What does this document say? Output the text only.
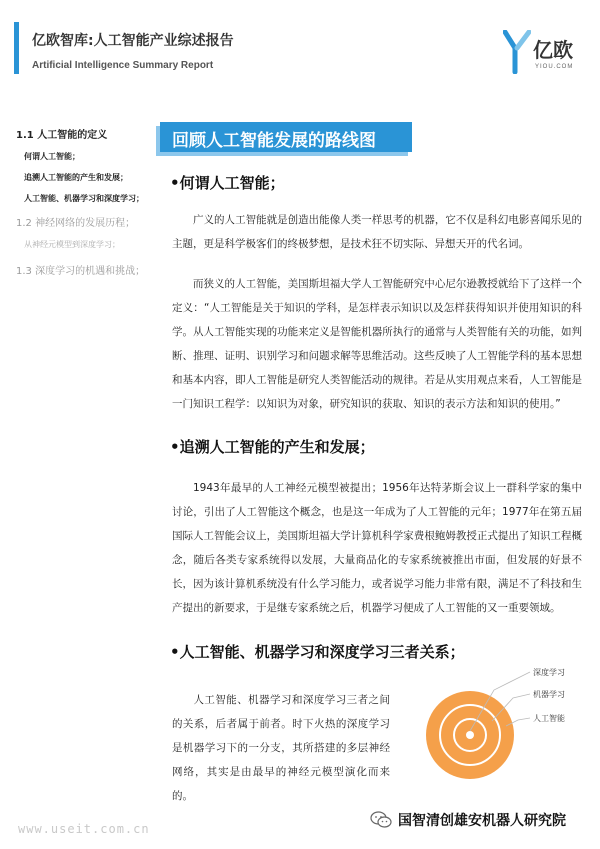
亿欧智库:人工智能产业综述报告
Artificial Intelligence Summary Report
亿欧
YIOU.COM
1.1 人工智能的定义
何谓人工智能；
追溯人工智能的产生和发展；
人工智能、机器学习和深度学习；
1.2 神经网络的发展历程；
从神经元模型到深度学习；
1.3 深度学习的机遇和挑战；
回顾人工智能发展的路线图
•何谓人工智能；
广义的人工智能就是创造出能像人类一样思考的机器，它不仅是科幻电影喜闻乐见的主题，更是科学极客们的终极梦想，是技术狂不切实际、异想天开的代名词。
而狭义的人工智能，美国斯坦福大学人工智能研究中心尼尔逊教授就给下了这样一个定义：“人工智能是关于知识的学科，是怎样表示知识以及怎样获得知识并使用知识的科学。从人工智能实现的功能来定义是智能机器所执行的通常与人类智能有关的功能，如判断、推理、证明、识别学习和问题求解等思维活动。这些反映了人工智能学科的基本思想和基本内容，即人工智能是研究人类智能活动的规律。若是从实用观点来看，人工智能是一门知识工程学：以知识为对象，研究知识的获取、知识的表示方法和知识的使用。”
•追溯人工智能的产生和发展；
1943年最早的人工神经元模型被提出；1956年达特茅斯会议上一群科学家的集中讨论，引出了人工智能这个概念，也是这一年成为了人工智能的元年；1977年在第五届国际人工智能会议上，美国斯坦福大学计算机科学家费根鲍姆教授正式提出了知识工程概念，随后各类专家系统得以发展，大量商品化的专家系统被推出市面，但发展的好景不长，因为该计算机系统没有什么学习能力，或者说学习能力非常有限，满足不了科技和生产提出的新要求，于是继专家系统之后，机器学习便成了人工智能的又一重要领域。
•人工智能、机器学习和深度学习三者关系；
人工智能、机器学习和深度学习三者之间的关系，后者属于前者。时下火热的深度学习是机器学习下的一分支，其所搭建的多层神经网络，其实是由最早的神经元模型演化而来的。
深度学习
机器学习
人工智能
www.useit.com.cn	国智清创雄安机器人研究院
